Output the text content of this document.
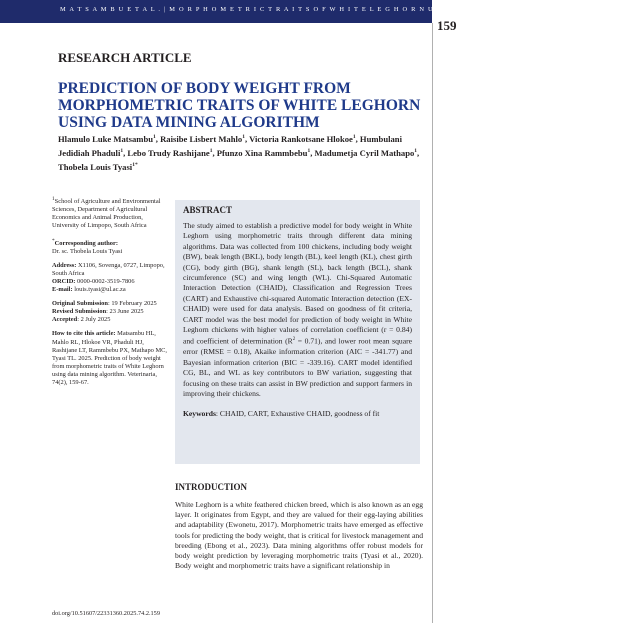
M A T S A M B U E T A L . | M O R P H O M E T R I C T R A I T S O F W H I T E L E G H O R N U S I N G D A T A M I N I N G A L G O R I T H M
159
RESEARCH ARTICLE
PREDICTION OF BODY WEIGHT FROM MORPHOMETRIC TRAITS OF WHITE LEGHORN USING DATA MINING ALGORITHM
Hlamulo Luke Matsambu$^1$, Raisibe Lisbert Mahlo$^1$, Victoria Rankotsane Hlokoe$^1$, Humbulani Jedidiah Phaduli$^1$, Lebo Trudy Rashijane$^1$, Pfunzo Xina Rammbebu$^1$, Madumetja Cyril Mathapo$^1$, Thobela Louis Tyasi$^{1*}$

$^1$School of Agriculture and Environmental Sciences, Department of Agricultural Economics and Animal Production, University of Limpopo, South Africa

*Corresponding author:
Dr. sc. Thobela Louis Tyasi

Address: X1106, Sovenga, 0727, Limpopo, South Africa
ORCID: 0000-0002-3519-7806
E-mail: louis.tyasi@ul.ac.za

Original Submission: 19 February 2025
Revised Submission: 23 June 2025
Accepted: 2 July 2025

How to cite this article: Matsambu HL, Mahlo RL, Hlokoe VR, Phaduli HJ, Rashijane LT, Rammbebu PX, Mathapo MC, Tyasi TL. 2025. Prediction of body weight from morphometric traits of White Leghorn using data mining algorithm. Veterinaria, 74(2), 159-67.

ABSTRACT

The study aimed to establish a predictive model for body weight in White Leghorn using morphometric traits through different data mining algorithms. Data was collected from 100 chickens, including body weight (BW), beak length (BKL), body length (BL), keel length (KL), chest girth (CG), body girth (BG), shank length (SL), back length (BCL), shank circumference (SC) and wing length (WL). Chi-Squared Automatic Interaction Detection (CHAID), Classification and Regression Trees (CART) and Exhaustive chi-squared Automatic Interaction detection (EX-CHAID) were used for data analysis. Based on goodness of fit criteria, CART model was the best model for prediction of body weight in White Leghorn chickens with higher values of correlation coefficient (r = 0.84) and coefficient of determination $(R^2 = 0.71)$, and lower root mean square error (RMSE = 0.18), Akaike information criterion (AIC = -341.77) and Bayesian information criterion (BIC = -339.16). CART model identified CG, BL, and WL as key contributors to BW variation, suggesting that focusing on these traits can assist in BW prediction and support farmers in improving their chickens.

Keywords: CHAID, CART, Exhaustive CHAID, goodness of fit
INTRODUCTION

White Leghorn is a white feathered chicken breed, which is also known as an egg layer. It originates from Egypt, and they are valued for their egg-laying abilities and adaptability (Ewonetu, 2017). Morphometric traits have emerged as effective tools for predicting the body weight, that is critical for livestock management and breeding (Ebong et al., 2023). Data mining algorithms offer robust models for body weight prediction by leveraging morphometric traits (Tyasi et al., 2020). Body weight and morphometric traits have a significant relationship in

doi.org/10.51607/22331360.2025.74.2.159
